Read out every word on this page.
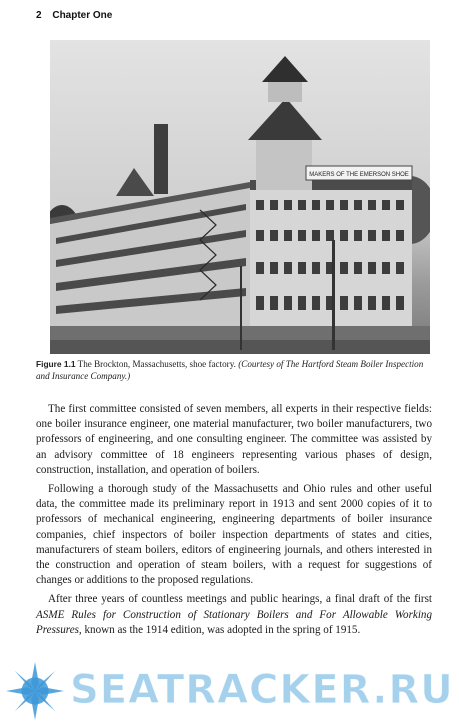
2 Chapter One
MAKERS OF THE EMERSON SHOE
Figure 1.1 The Brockton, Massachusetts, shoe factory. (Courtesy of The Hartford Steam Boiler Inspection and Insurance Company.)

The first committee consisted of seven members, all experts in their respective fields: one boiler insurance engineer, one material manufacturer, two boiler manufacturers, two professors of engineering, and one consulting engineer. The committee was assisted by an advisory committee of 18 engineers representing various phases of design, construction, installation, and operation of boilers.

Following a thorough study of the Massachusetts and Ohio rules and other useful data, the committee made its preliminary report in 1913 and sent 2000 copies of it to professors of mechanical engineering, engineering departments of boiler insurance companies, chief inspectors of boiler inspection departments of states and cities, manufacturers of steam boilers, editors of engineering journals, and others interested in the construction and operation of steam boilers, with a request for suggestions of changes or additions to the proposed regulations.

After three years of countless meetings and public hearings, a final draft of the first ASME Rules for Construction of Stationary Boilers and For Allowable Working Pressures, known as the 1914 edition, was adopted in the spring of 1915.

SEATRACKER.RU
